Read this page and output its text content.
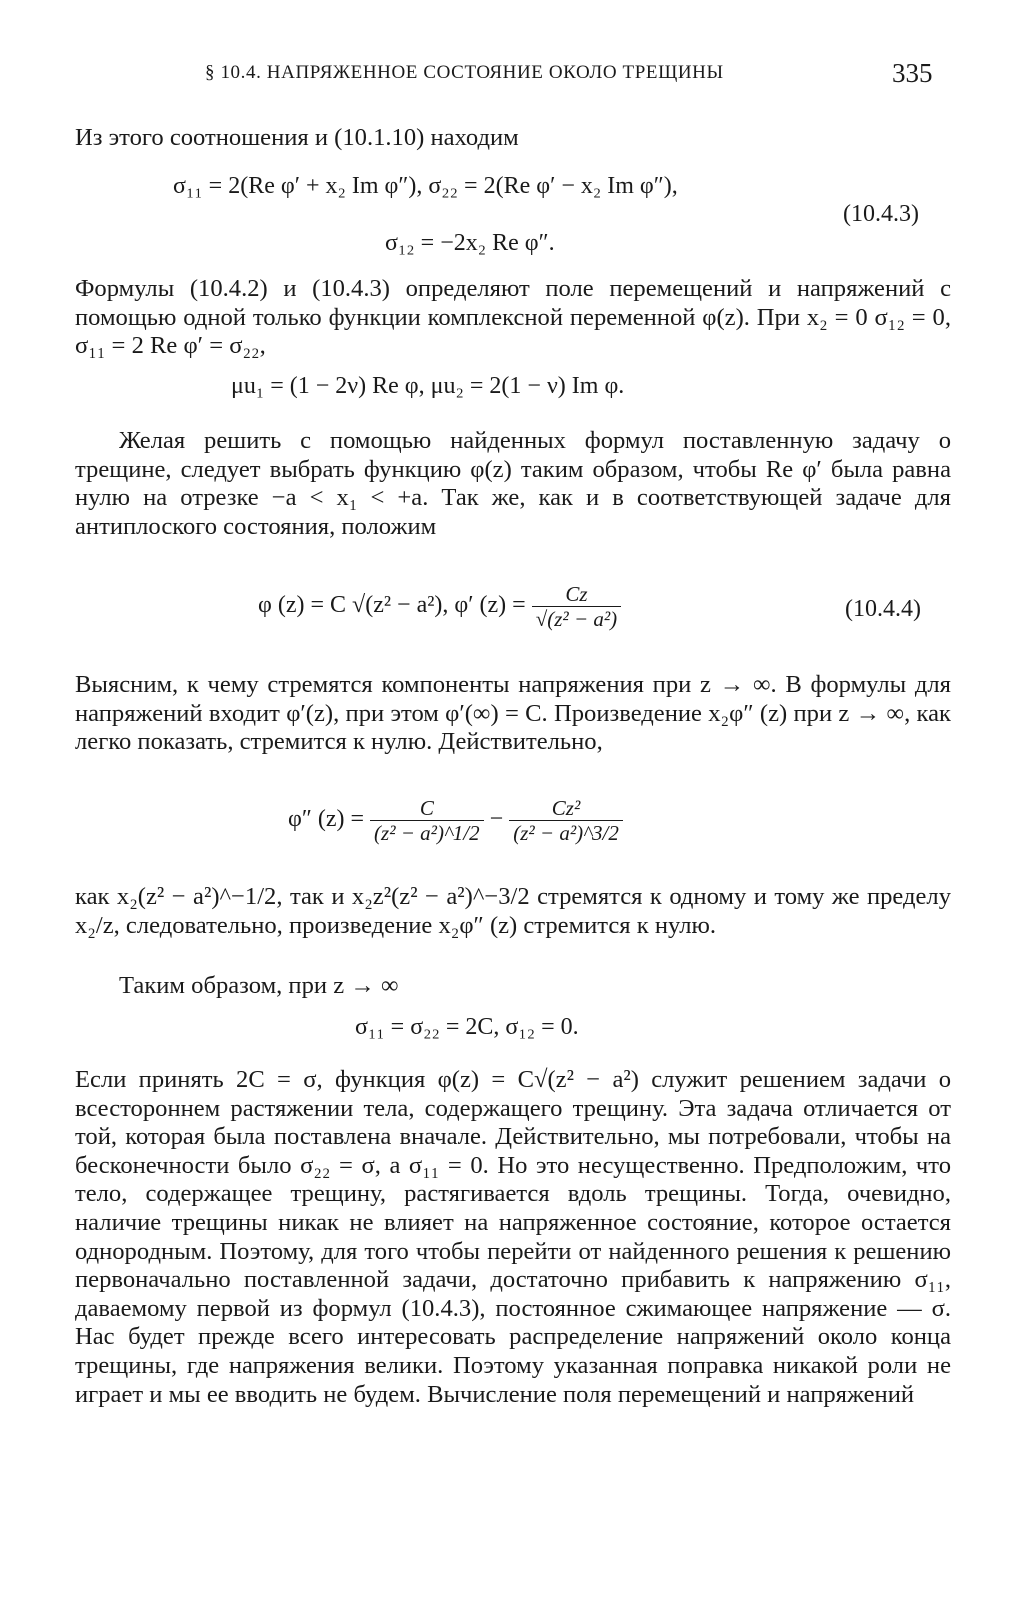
§ 10.4. НАПРЯЖЕННОЕ СОСТОЯНИЕ ОКОЛО ТРЕЩИНЫ	335

Из этого соотношения и (10.1.10) находим

σ₁₁ = 2(Re φ′ + x₂ Im φ″), σ₂₂ = 2(Re φ′ − x₂ Im φ″),
σ₁₂ = −2x₂ Re φ″.
(10.4.3)

Формулы (10.4.2) и (10.4.3) определяют поле перемещений и напряжений с помощью одной только функции комплексной переменной φ(z). При x₂ = 0 σ₁₂ = 0, σ₁₁ = 2 Re φ′ = σ₂₂,

μu₁ = (1 − 2ν) Re φ, μu₂ = 2(1 − ν) Im φ.

Желая решить с помощью найденных формул поставленную задачу о трещине, следует выбрать функцию φ(z) таким образом, чтобы Re φ′ была равна нулю на отрезке −a < x₁ < +a. Так же, как и в соответствующей задаче для антиплоского состояния, положим

φ (z) = C √(z² − a²), φ′ $(z) = \frac{Cz}{\text{√(z² − a²)}}$	(10.4.4)

Выясним, к чему стремятся компоненты напряжения при z → ∞. В формулы для напряжений входит φ′(z), при этом φ′(∞) = C. Произведение x₂φ″ (z) при z → ∞, как легко показать, стремится к нулю. Действительно,

φ″ $(z) = \frac{C}{\text{(z² − a²)\textasciicircum{}1/2}} - \frac{\text{Cz²}}{\text{(z² − a²)\textasciicircum{}3/2}}$

как x₂(z² − a²)^−1/2, так и x₂z²(z² − a²)^−3/2 стремятся к одному и тому же пределу x₂/z, следовательно, произведение x₂φ″ (z) стремится к нулю.

Таким образом, при z → ∞

σ₁₁ = σ₂₂ = 2C, σ₁₂ = 0.

Если принять 2C = σ, функция φ(z) = C√(z² − a²) служит решением задачи о всестороннем растяжении тела, содержащего трещину. Эта задача отличается от той, которая была поставлена вначале. Действительно, мы потребовали, чтобы на бесконечности было σ₂₂ = σ, а σ₁₁ = 0. Но это несущественно. Предположим, что тело, содержащее трещину, растягивается вдоль трещины. Тогда, очевидно, наличие трещины никак не влияет на напряженное состояние, которое остается однородным. Поэтому, для того чтобы перейти от найденного решения к решению первоначально поставленной задачи, достаточно прибавить к напряжению σ₁₁, даваемому первой из формул (10.4.3), постоянное сжимающее напряжение — σ. Нас будет прежде всего интересовать распределение напряжений около конца трещины, где напряжения велики. Поэтому указанная поправка никакой роли не играет и мы ее вводить не будем. Вычисление поля перемещений и напряжений
